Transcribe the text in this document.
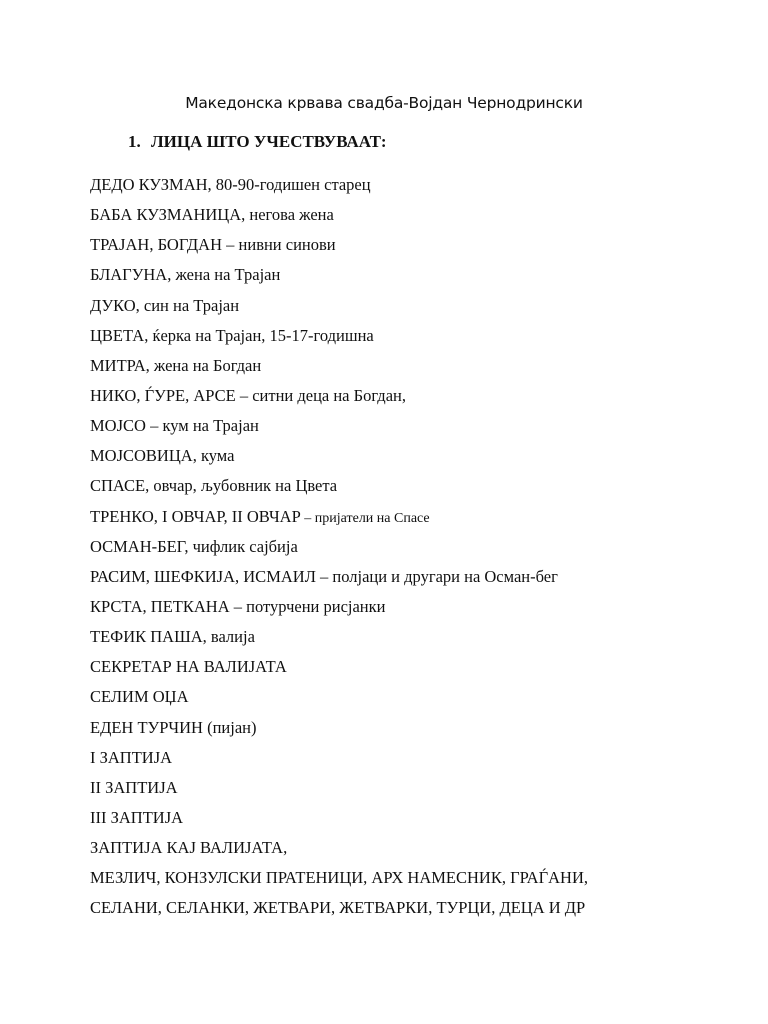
Македонска крвава свадба-Војдан Чернодрински
1. ЛИЦА ШТО УЧЕСТВУВААТ:
ДЕДО КУЗМАН, 80-90-годишен старец
БАБА КУЗМАНИЦА, негова жена
ТРАЈАН, БОГДАН – нивни синови
БЛАГУНА, жена на Трајан
ДУКО, син на Трајан
ЦВЕТА, ќерка на Трајан, 15-17-годишна
МИТРА, жена на Богдан
НИКО, ЃУРЕ, АРСЕ – ситни деца на Богдан,
МОЈСО – кум на Трајан
МОЈСОВИЦА, кума
СПАСЕ, овчар, љубовник на Цвета
ТРЕНКО, I ОВЧАР, II ОВЧАР – пријатели на Спасе
ОСМАН-БЕГ, чифлик сајбија
РАСИМ, ШЕФКИЈА, ИСМАИЛ – полјаци и другари на Осман-бег
КРСТА, ПЕТКАНА – потурчени рисјанки
ТЕФИК ПАША, валија
СЕКРЕТАР НА ВАЛИЈАТА
СЕЛИМ ОЏА
ЕДЕН ТУРЧИН (пијан)
I ЗАПТИЈА
II ЗАПТИЈА
III ЗАПТИЈА
ЗАПТИЈА КАЈ ВАЛИЈАТА,
МЕЗЛИЧ, КОНЗУЛСКИ ПРАТЕНИЦИ, АРХ НАМЕСНИК, ГРАЃАНИ,
СЕЛАНИ, СЕЛАНКИ, ЖЕТВАРИ, ЖЕТВАРКИ, ТУРЦИ, ДЕЦА И ДР
